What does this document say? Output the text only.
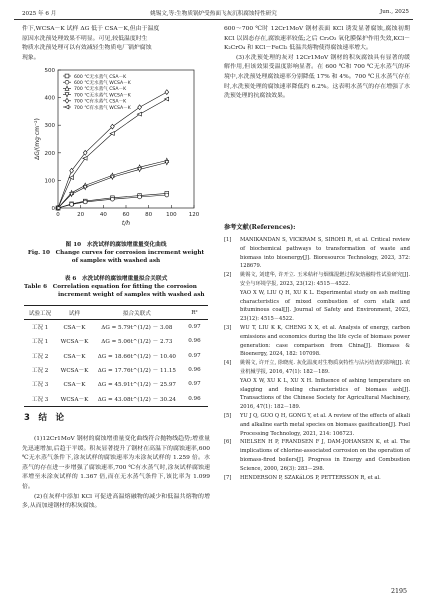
2025 年 6 月	姚锡文,等:生物质锅炉受热面飞灰沉积腐蚀特性研究	Jun., 2025
件下,WCSA－K 试样 ΔG 低于 CSA－K,但由于温度
原因水洗预处理效果不明显。可见,较低温度时生
物质水洗预处理可以有效减轻生物质电厂锅炉腐蚀
现象。
0	20	40	60	80	100 120
0
100
200
300
400
500
t/h
ΔG/(mg·cm⁻²)
600 ℃无水蒸气 CSA－K
600 ℃无水蒸气 WCSA－K
700 ℃无水蒸气 CSA－K
700 ℃无水蒸气 WCSA－K
700 ℃有水蒸气 CSA－K
700 ℃有水蒸气 WCSA－K

图 10　 水洗试样的腐蚀增重量变化曲线

Fig. 10　 Change curves for corrosion increment weight

of samples with washed ash

表 6　 水洗试样的腐蚀增重量拟合关联式

Table 6　 Correlation equation for fitting the corrosion

increment weight of samples with washed ash

试验工况	试样	拟合关联式	R²
工况 1	CSA－K	ΔG = 5.79t^(1/2) － 3.08	0.97
工况 1	WCSA－K	ΔG = 5.06t^(1/2) － 2.73	0.96
工况 2	CSA－K	ΔG = 18.66t^(1/2) － 10.40	0.97
工况 2	WCSA－K	ΔG = 17.76t^(1/2) － 11.15	0.96
工况 3	CSA－K	ΔG = 45.91t^(1/2) － 25.97	0.97
工况 3	WCSA－K	ΔG = 43.08t^(1/2) － 30.24	0.96
3　 结　论

(1)12Cr1MoV 钢材的腐蚀增重量变化曲线符合抛物线趋势;增重量先迅速增加,后趋于平缓。积灰显著提升了钢材在高温下的腐蚀速率,600 ℃无水蒸气条件下,涂灰试样的腐蚀速率为未涂灰试样的 1.259 倍。水蒸气的存在进一步增强了腐蚀速率,700 ℃有水蒸气时,涂灰试样腐蚀速率增至未涂灰试样的 1.367 倍,而在无水蒸气条件下,该比率为 1.099 倍。

(2)在灰样中添加 KCl 可促进高温熔融物的减少和低温共熔物的增多,从而加速钢材的积灰腐蚀。

600～700 ℃时 12Cr1MoV 钢材表面 KCl 诱发显著腐蚀,腐蚀初期 KCl 以固态存在,腐蚀速率较低;之后 Cr₂O₃ 氧化膜保护作用失效,KCl－K₂CrO₄ 和 KCl－FeCl₂ 低温共熔物使得腐蚀速率增大。

(3)水洗预处理的灰对 12Cr1MoV 钢材的积灰腐蚀具有显著的缓解作用,但该效果受温度影响显著。在 600 ℃和 700 ℃无水蒸气的环境中,水洗预处理腐蚀速率分别降低 17% 和 4%。700 ℃且水蒸气存在时,水洗预处理的腐蚀速率降低约 6.2%。这表明水蒸气的存在增强了水洗预处理的抗腐蚀效果。

参考文献(References):

[1] MANIKANDAN S, VICKRAM S, SIROHI R, et al. Critical review of biochemical pathways to transformation of waste and biomass into bioenergy[J]. Bioresource Technology, 2023, 372: 128679.

[2] 姚锡文, 刘建华, 许开立. 玉米秸秆与烟煤混燃过程灰熔融特性试验研究[J]. 安全与环境学报, 2023, 23(12): 4515－4522.

YAO X W, LIU Q H, XU K L. Experimental study on ash melting characteristics of mixed combustion of corn stalk and bituminous coal[J]. Journal of Safety and Environment, 2023, 23(12): 4515－4522.

[3] WU T, LIU K K, CHENG X X, et al. Analysis of energy, carbon emissions and economics during the life cycle of biomass power generation: case comparison from China[J]. Biomass & Bioenergy, 2024, 182: 107098.

[4] 姚锡文, 许开立, 徐晓虎. 灰化温度对生物质灰特性与沾污结渣的影响[J]. 农业机械学报, 2016, 47(1): 182－189.

YAO X W, XU K L, XU X H. Influence of ashing temperature on slagging and fouling characteristics of biomass ash[J]. Transactions of the Chinese Society for Agricultural Machinery, 2016, 47(1): 182－189.

[5] YU J Q, GUO Q H, GONG Y, et al. A review of the effects of alkali and alkaline earth metal species on biomass gasification[J]. Fuel Processing Technology, 2021, 214: 106723.

[6] NIELSEN H P, FRANDSEN F J, DAM-JOHANSEN K, et al. The implications of chlorine-associated corrosion on the operation of biomass-fired boilers[J]. Progress in Energy and Combustion Science, 2000, 26(3): 283－298.

[7] HENDERSON P, SZAKáLOS P, PETTERSSON R, et al.

2195
